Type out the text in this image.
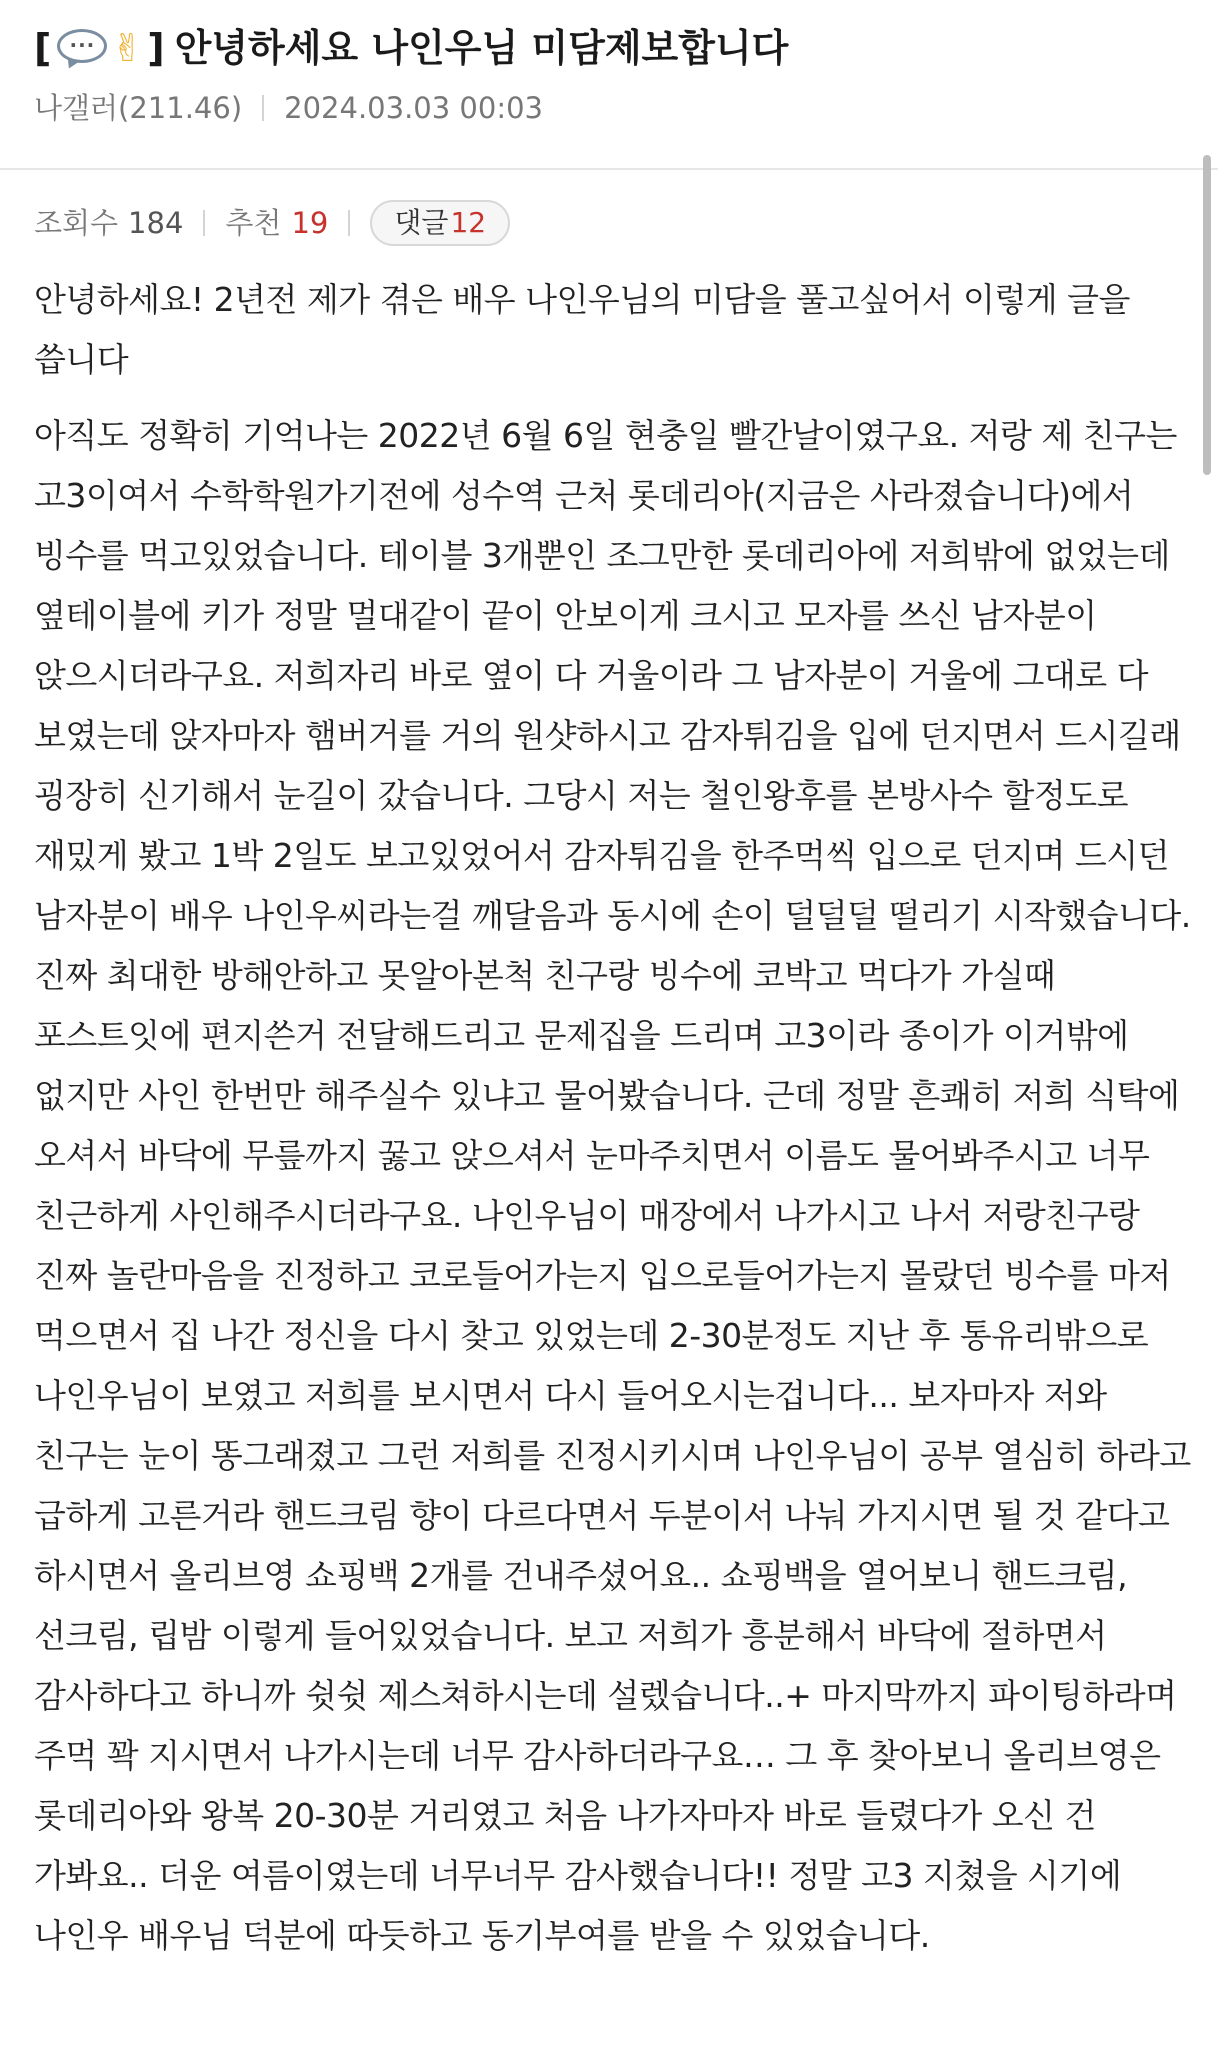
[ ··· ✌ ] 안녕하세요 나인우님 미담제보합니다
나갤러(211.46) 2024.03.03 00:03
조회수 184 추천 19 댓글 12

안녕하세요! 2년전 제가 겪은 배우 나인우님의 미담을 풀고싶어서 이렇게 글을 씁니다

아직도 정확히 기억나는 2022년 6월 6일 현충일 빨간날이였구요. 저랑 제 친구는 고3이여서 수학학원가기전에 성수역 근처 롯데리아(지금은 사라졌습니다)에서 빙수를 먹고있었습니다. 테이블 3개뿐인 조그만한 롯데리아에 저희밖에 없었는데 옆테이블에 키가 정말 멀대같이 끝이 안보이게 크시고 모자를 쓰신 남자분이 앉으시더라구요. 저희자리 바로 옆이 다 거울이라 그 남자분이 거울에 그대로 다 보였는데 앉자마자 햄버거를 거의 원샷하시고 감자튀김을 입에 던지면서 드시길래 굉장히 신기해서 눈길이 갔습니다. 그당시 저는 철인왕후를 본방사수 할정도로 재밌게 봤고 1박 2일도 보고있었어서 감자튀김을 한주먹씩 입으로 던지며 드시던 남자분이 배우 나인우씨라는걸 깨달음과 동시에 손이 덜덜덜 떨리기 시작했습니다. 진짜 최대한 방해안하고 못알아본척 친구랑 빙수에 코박고 먹다가 가실때 포스트잇에 편지쓴거 전달해드리고 문제집을 드리며 고3이라 종이가 이거밖에 없지만 사인 한번만 해주실수 있냐고 물어봤습니다. 근데 정말 흔쾌히 저희 식탁에 오셔서 바닥에 무릎까지 꿇고 앉으셔서 눈마주치면서 이름도 물어봐주시고 너무 친근하게 사인해주시더라구요. 나인우님이 매장에서 나가시고 나서 저랑친구랑 진짜 놀란마음을 진정하고 코로들어가는지 입으로들어가는지 몰랐던 빙수를 마저 먹으면서 집 나간 정신을 다시 찾고 있었는데 2-30분정도 지난 후 통유리밖으로 나인우님이 보였고 저희를 보시면서 다시 들어오시는겁니다... 보자마자 저와 친구는 눈이 똥그래졌고 그런 저희를 진정시키시며 나인우님이 공부 열심히 하라고 급하게 고른거라 핸드크림 향이 다르다면서 두분이서 나눠 가지시면 될 것 같다고 하시면서 올리브영 쇼핑백 2개를 건내주셨어요.. 쇼핑백을 열어보니 핸드크림,선크림, 립밤 이렇게 들어있었습니다. 보고 저희가 흥분해서 바닥에 절하면서 감사하다고 하니까 쉿쉿 제스쳐하시는데 설렜습니다..+ 마지막까지 파이팅하라며 주먹 꽉 지시면서 나가시는데 너무 감사하더라구요… 그 후 찾아보니 올리브영은 롯데리아와 왕복 20-30분 거리였고 처음 나가자마자 바로 들렸다가 오신 건 가봐요.. 더운 여름이였는데 너무너무 감사했습니다!! 정말 고3 지쳤을 시기에 나인우 배우님 덕분에 따듯하고 동기부여를 받을 수 있었습니다.
